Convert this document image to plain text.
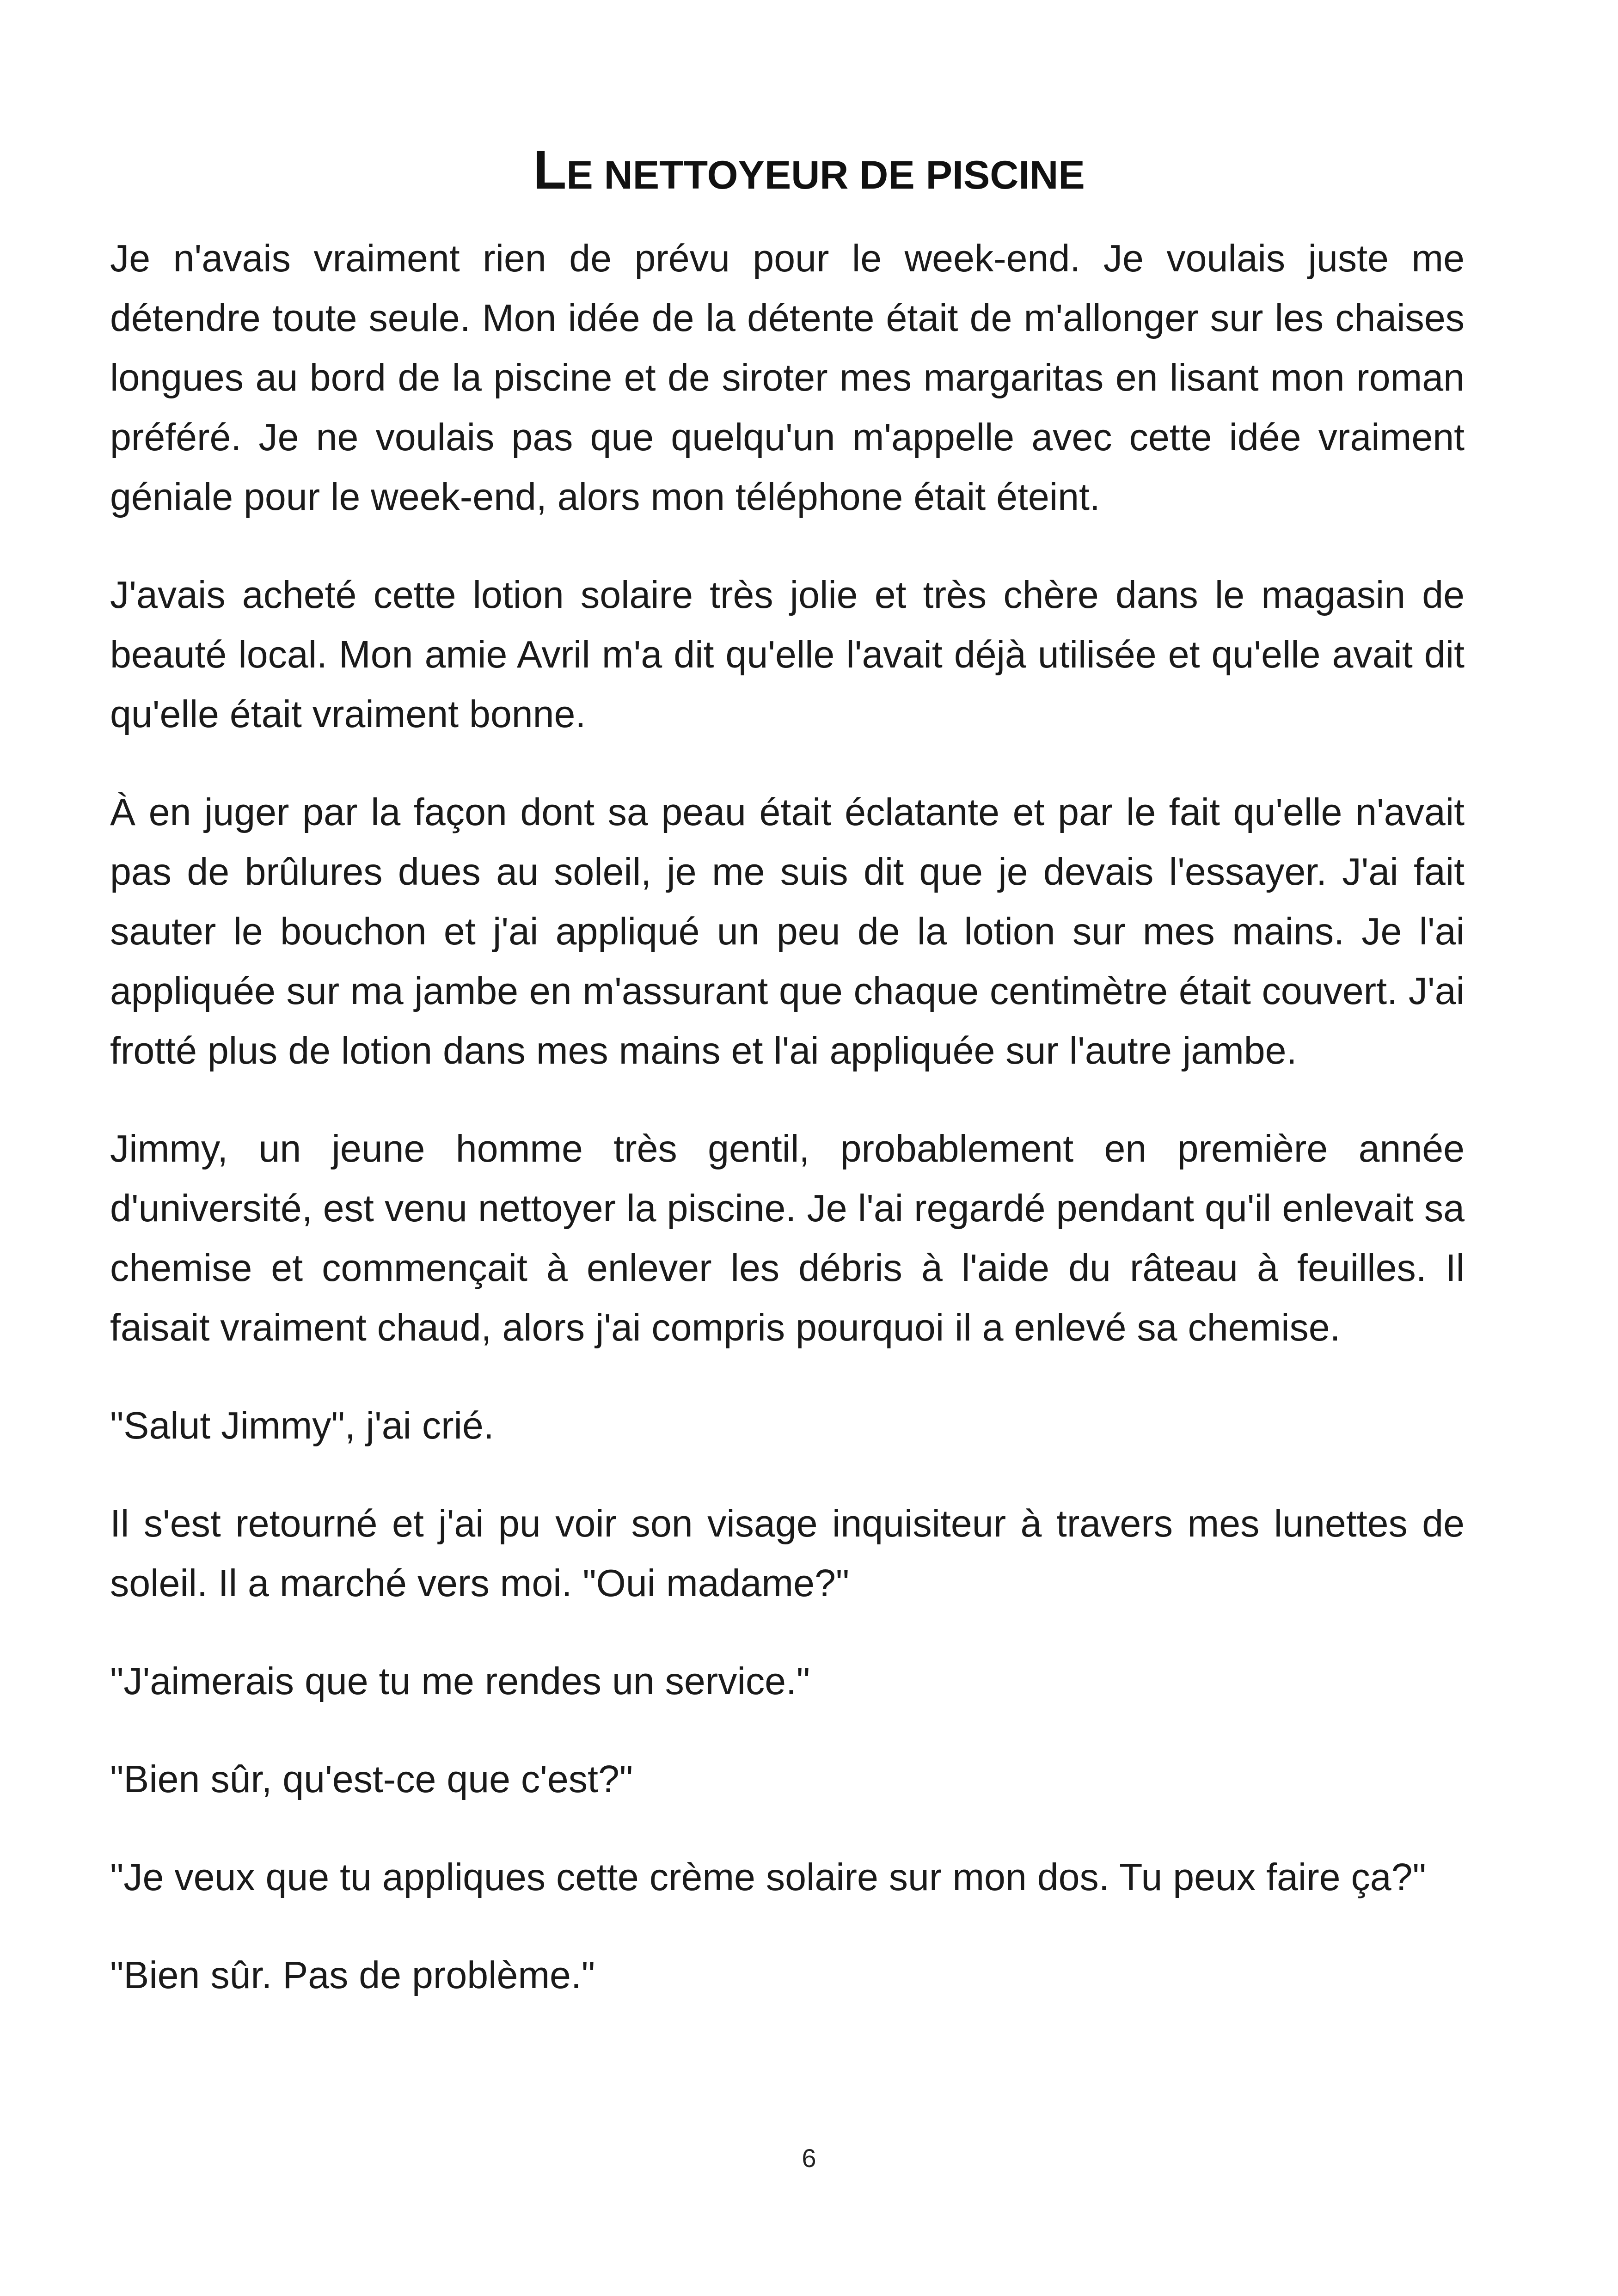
LE NETTOYEUR DE PISCINE

Je n'avais vraiment rien de prévu pour le week-end. Je voulais juste me détendre toute seule. Mon idée de la détente était de m'allonger sur les chaises longues au bord de la piscine et de siroter mes margaritas en lisant mon roman préféré. Je ne voulais pas que quelqu'un m'appelle avec cette idée vraiment géniale pour le week-end, alors mon téléphone était éteint.

J'avais acheté cette lotion solaire très jolie et très chère dans le magasin de beauté local. Mon amie Avril m'a dit qu'elle l'avait déjà utilisée et qu'elle avait dit qu'elle était vraiment bonne.

À en juger par la façon dont sa peau était éclatante et par le fait qu'elle n'avait pas de brûlures dues au soleil, je me suis dit que je devais l'essayer. J'ai fait sauter le bouchon et j'ai appliqué un peu de la lotion sur mes mains. Je l'ai appliquée sur ma jambe en m'assurant que chaque centimètre était couvert. J'ai frotté plus de lotion dans mes mains et l'ai appliquée sur l'autre jambe.

Jimmy, un jeune homme très gentil, probablement en première année d'université, est venu nettoyer la piscine. Je l'ai regardé pendant qu'il enlevait sa chemise et commençait à enlever les débris à l'aide du râteau à feuilles. Il faisait vraiment chaud, alors j'ai compris pourquoi il a enlevé sa chemise.

"Salut Jimmy", j'ai crié.

Il s'est retourné et j'ai pu voir son visage inquisiteur à travers mes lunettes de soleil. Il a marché vers moi. "Oui madame?"

"J'aimerais que tu me rendes un service."

"Bien sûr, qu'est-ce que c'est?"

"Je veux que tu appliques cette crème solaire sur mon dos. Tu peux faire ça?"

"Bien sûr. Pas de problème."

6
